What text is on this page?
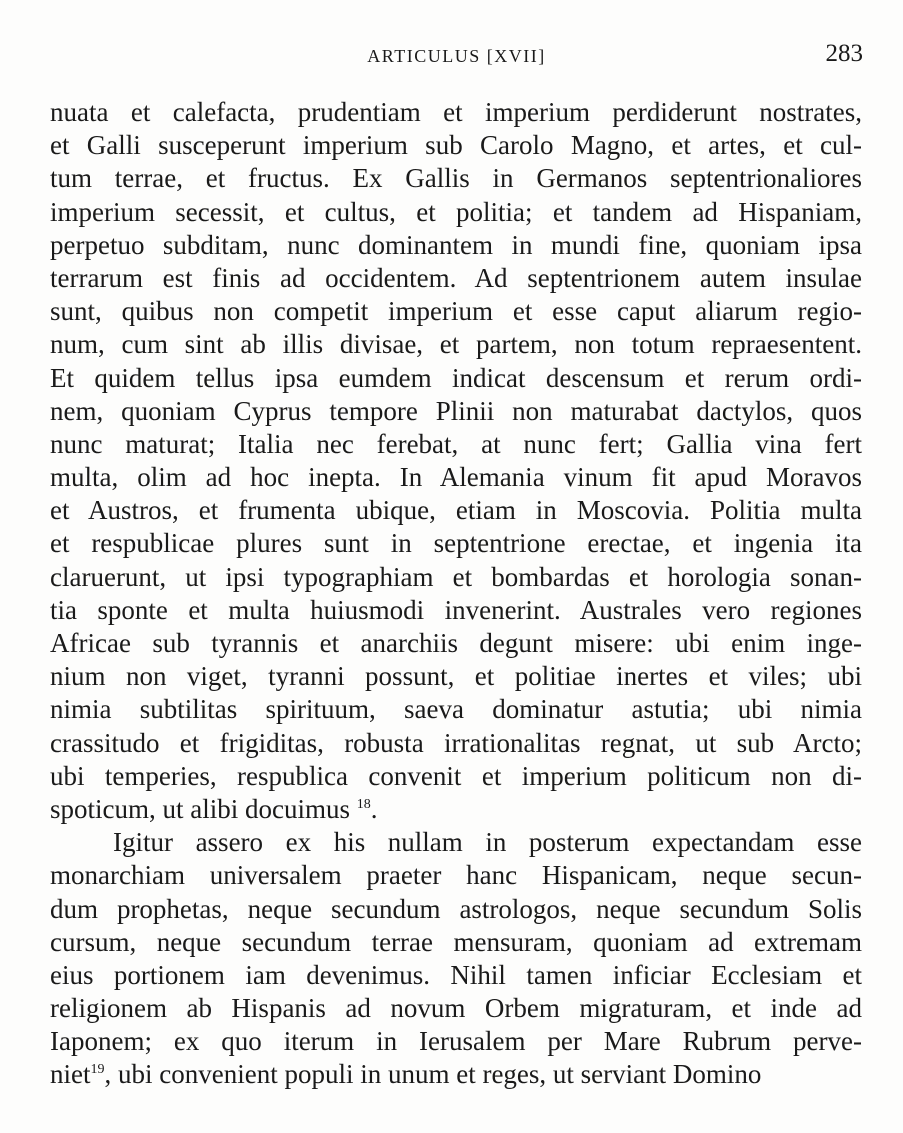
ARTICULUS [XVII]	283
nuata et calefacta, prudentiam et imperium perdiderunt nostrates,
et Galli susceperunt imperium sub Carolo Magno, et artes, et cul-
tum terrae, et fructus. Ex Gallis in Germanos septentrionaliores
imperium secessit, et cultus, et politia; et tandem ad Hispaniam,
perpetuo subditam, nunc dominantem in mundi fine, quoniam ipsa
terrarum est finis ad occidentem. Ad septentrionem autem insulae
sunt, quibus non competit imperium et esse caput aliarum regio-
num, cum sint ab illis divisae, et partem, non totum repraesentent.
Et quidem tellus ipsa eumdem indicat descensum et rerum ordi-
nem, quoniam Cyprus tempore Plinii non maturabat dactylos, quos
nunc maturat; Italia nec ferebat, at nunc fert; Gallia vina fert
multa, olim ad hoc inepta. In Alemania vinum fit apud Moravos
et Austros, et frumenta ubique, etiam in Moscovia. Politia multa
et respublicae plures sunt in septentrione erectae, et ingenia ita
claruerunt, ut ipsi typographiam et bombardas et horologia sonan-
tia sponte et multa huiusmodi invenerint. Australes vero regiones
Africae sub tyrannis et anarchiis degunt misere: ubi enim inge-
nium non viget, tyranni possunt, et politiae inertes et viles; ubi
nimia subtilitas spirituum, saeva dominatur astutia; ubi nimia
crassitudo et frigiditas, robusta irrationalitas regnat, ut sub Arcto;
ubi temperies, respublica convenit et imperium politicum non di-
spoticum, ut alibi docuimus $^{18}$.
Igitur assero ex his nullam in posterum expectandam esse
monarchiam universalem praeter hanc Hispanicam, neque secun-
dum prophetas, neque secundum astrologos, neque secundum Solis
cursum, neque secundum terrae mensuram, quoniam ad extremam
eius portionem iam devenimus. Nihil tamen inficiar Ecclesiam et
religionem ab Hispanis ad novum Orbem migraturam, et inde ad
Iaponem; ex quo iterum in Ierusalem per Mare Rubrum perve-
niet$^{19}$, ubi convenient populi in unum et reges, ut serviant Domino
